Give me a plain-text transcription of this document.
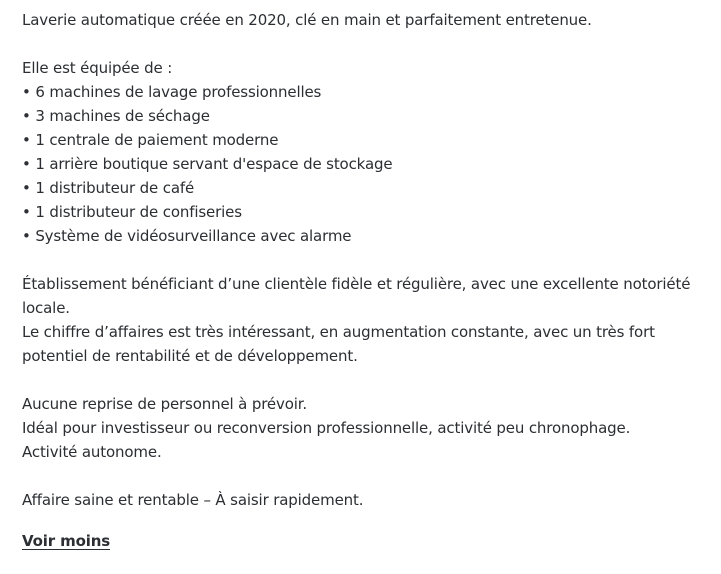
Laverie automatique créée en 2020, clé en main et parfaitement entretenue.
Elle est équipée de :
• 6 machines de lavage professionnelles
• 3 machines de séchage
• 1 centrale de paiement moderne
• 1 arrière boutique servant d'espace de stockage
• 1 distributeur de café
• 1 distributeur de confiseries
• Système de vidéosurveillance avec alarme
Établissement bénéficiant d’une clientèle fidèle et régulière, avec une excellente notoriété locale.
Le chiffre d’affaires est très intéressant, en augmentation constante, avec un très fort potentiel de rentabilité et de développement.
Aucune reprise de personnel à prévoir.
Idéal pour investisseur ou reconversion professionnelle, activité peu chronophage.
Activité autonome.
Affaire saine et rentable – À saisir rapidement.
Voir moins
